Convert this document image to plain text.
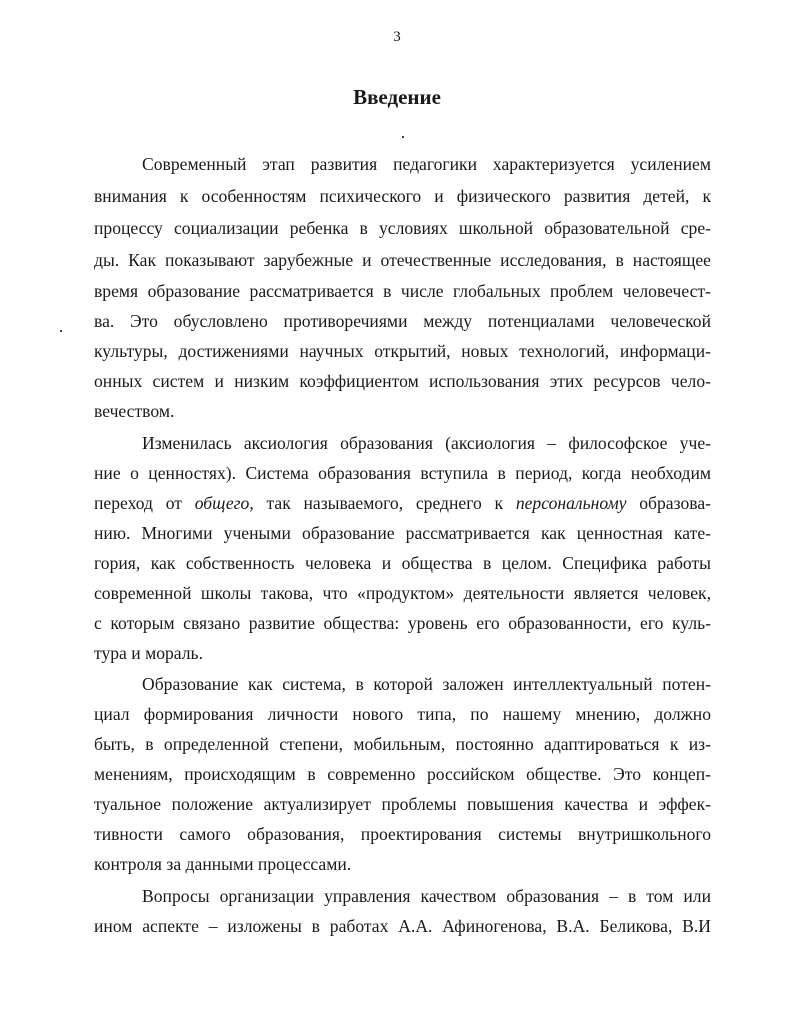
3
Введение

Современный этап развития педагогики характеризуется усилением

внимания к особенностям психического и физического развития детей, к

процессу социализации ребенка в условиях школьной образовательной сре-

ды. Как показывают зарубежные и отечественные исследования, в настоящее

время образование рассматривается в числе глобальных проблем человечест-

ва. Это обусловлено противоречиями между потенциалами человеческой

культуры, достижениями научных открытий, новых технологий, информаци-

онных систем и низким коэффициентом использования этих ресурсов чело-

вечеством.

Изменилась аксиология образования (аксиология – философское уче-

ние о ценностях). Система образования вступила в период, когда необходим

переход от общего, так называемого, среднего к персональному образова-

нию. Многими учеными образование рассматривается как ценностная кате-

гория, как собственность человека и общества в целом. Специфика работы

современной школы такова, что «продуктом» деятельности является человек,

с которым связано развитие общества: уровень его образованности, его куль-

тура и мораль.

Образование как система, в которой заложен интеллектуальный потен-

циал формирования личности нового типа, по нашему мнению, должно

быть, в определенной степени, мобильным, постоянно адаптироваться к из-

менениям, происходящим в современно российском обществе. Это концеп-

туальное положение актуализирует проблемы повышения качества и эффек-

тивности самого образования, проектирования системы внутришкольного

контроля за данными процессами.

Вопросы организации управления качеством образования – в том или

ином аспекте – изложены в работах А.А. Афиногенова, В.А. Беликова, В.И
